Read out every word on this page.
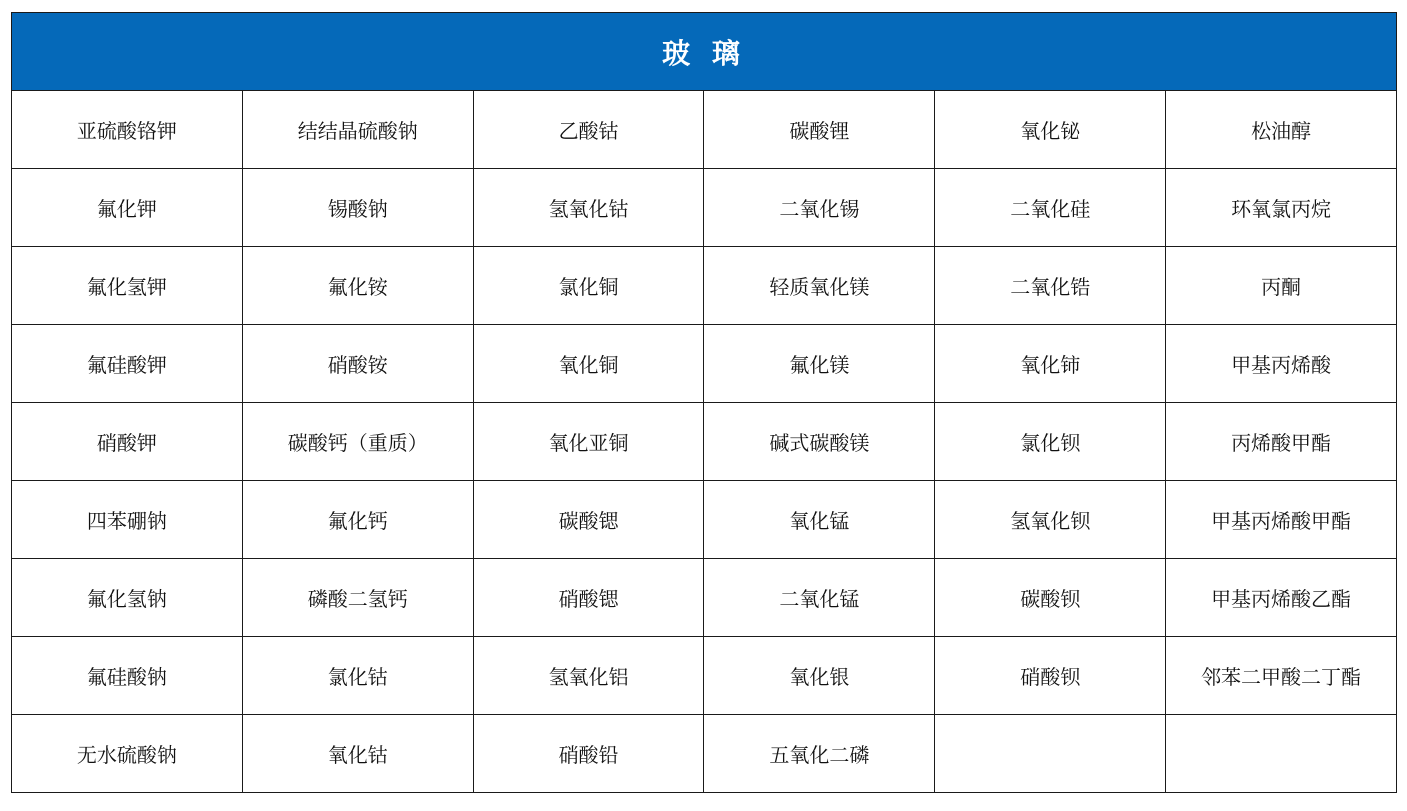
玻 璃
亚硫酸铬钾	结结晶硫酸钠	乙酸钴	碳酸锂	氧化铋	松油醇
氟化钾	锡酸钠	氢氧化钴	二氧化锡	二氧化硅	环氧氯丙烷
氟化氢钾	氟化铵	氯化铜	轻质氧化镁	二氧化锆	丙酮
氟硅酸钾	硝酸铵	氧化铜	氟化镁	氧化铈	甲基丙烯酸
硝酸钾	碳酸钙（重质）	氧化亚铜	碱式碳酸镁	氯化钡	丙烯酸甲酯
四苯硼钠	氟化钙	碳酸锶	氧化锰	氢氧化钡	甲基丙烯酸甲酯
氟化氢钠	磷酸二氢钙	硝酸锶	二氧化锰	碳酸钡	甲基丙烯酸乙酯
氟硅酸钠	氯化钴	氢氧化铝	氧化银	硝酸钡	邻苯二甲酸二丁酯
无水硫酸钠	氧化钴	硝酸铅	五氧化二磷		
